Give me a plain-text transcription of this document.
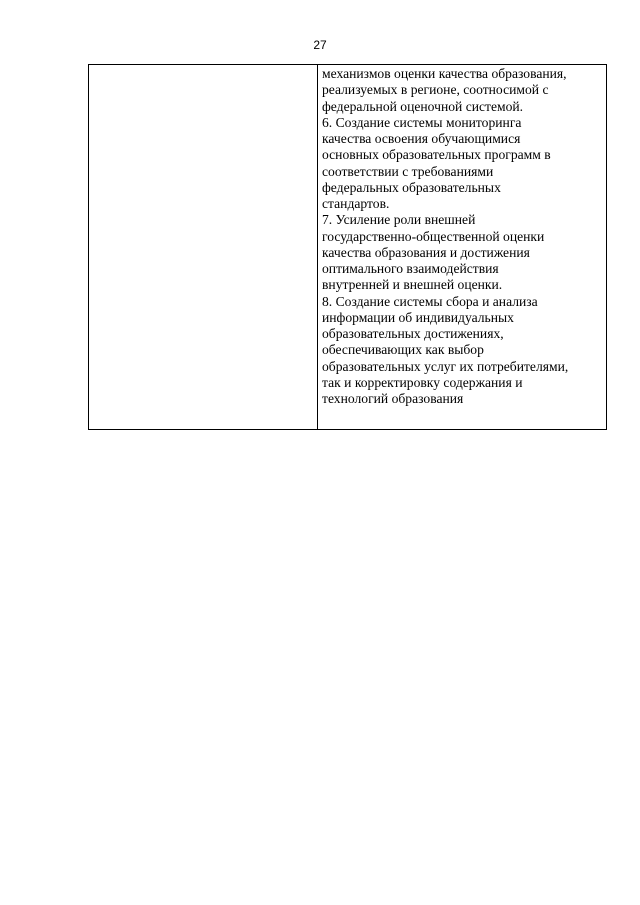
27

механизмов оценки качества образования,
реализуемых в регионе, соотносимой с
федеральной оценочной системой.
6. Создание системы мониторинга
качества освоения обучающимися
основных образовательных программ в
соответствии с требованиями
федеральных образовательных
стандартов.
7. Усиление роли внешней
государственно-общественной оценки
качества образования и достижения
оптимального взаимодействия
внутренней и внешней оценки.
8. Создание системы сбора и анализа
информации об индивидуальных
образовательных достижениях,
обеспечивающих как выбор
образовательных услуг их потребителями,
так и корректировку содержания и
технологий образования
